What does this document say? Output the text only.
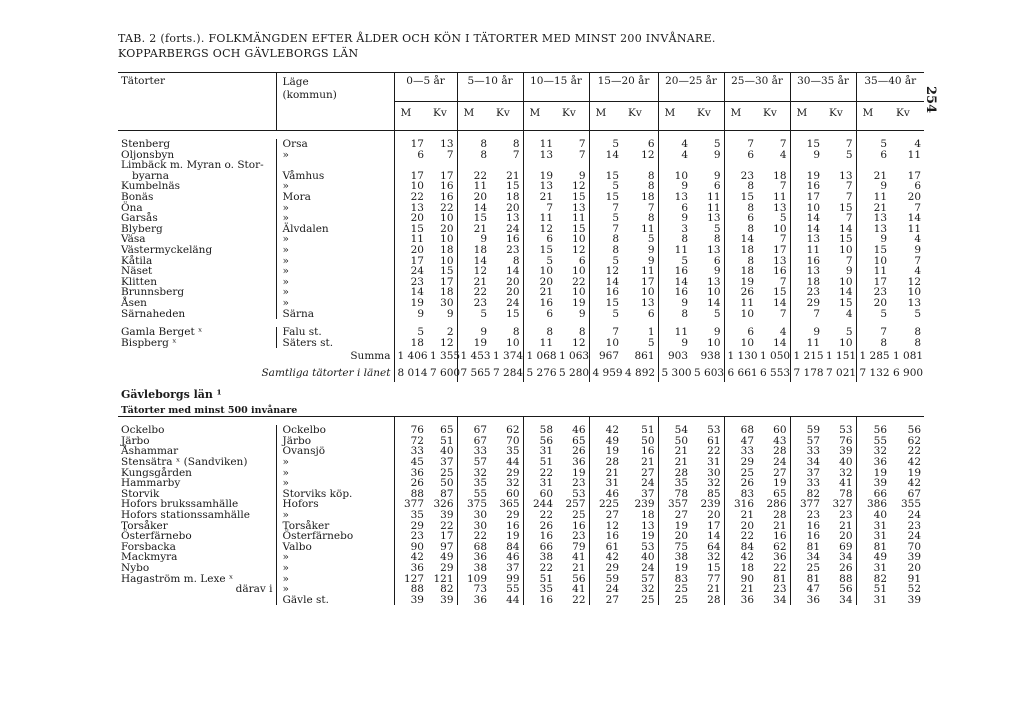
TAB. 2 (forts.). FOLKMÄNGDEN EFTER ÅLDER OCH KÖN I TÄTORTER MED MINST 200 INVÅNARE.
KOPPARBERGS OCH GÄVLEBORGS LÄN
254
Tätorter	Läge
(kommun)	0—5 år		5—10 år		10—15 år		15—20 år		20—25 år		25—30 år		30—35 år		35—40 år	
		M	Kv	M	Kv	M	Kv	M	Kv	M	Kv	M	Kv	M	Kv	M	Kv

Stenberg	Orsa	17	13	8	8	11	7	5	6	4	5	7	7	15	7	5	4
Oljonsbyn	»	6	7	8	7	13	7	14	12	4	9	6	4	9	5	6	11
Limbäck m. Myran o. Stor-																	
byarna	Våmhus	17	17	22	21	19	9	15	8	10	9	23	18	19	13	21	17
Kumbelnäs	»	10	16	11	15	13	12	5	8	9	6	8	7	16	7	9	6
Bonäs	Mora	22	16	20	18	21	15	15	18	13	11	15	11	17	7	11	20
Öna	»	13	22	14	20	7	13	7	7	6	11	8	13	10	15	21	7
Garsås	»	20	10	15	13	11	11	5	8	9	13	6	5	14	7	13	14
Blyberg	Älvdalen	15	20	21	24	12	15	7	11	3	5	8	10	14	14	13	11
Väsa	»	11	10	9	16	6	10	8	5	8	8	14	7	13	15	9	4
Västermyckeläng	»	20	18	18	23	15	12	8	9	11	13	18	17	11	10	15	9
Kåtila	»	17	10	14	8	5	6	5	9	5	6	8	13	16	7	10	7
Näset	»	24	15	12	14	10	10	12	11	16	9	18	16	13	9	11	4
Klitten	»	23	17	21	20	20	22	14	17	14	13	19	7	18	10	17	12
Brunnsberg	»	14	18	22	20	21	10	16	10	16	10	26	15	23	14	23	10
Åsen	»	19	30	23	24	16	19	15	13	9	14	11	14	29	15	20	13
Särnaheden	Särna	9	9	5	15	6	9	5	6	8	5	10	7	7	4	5	5

Gamla Berget ˣ	Falu st.	5	2	9	8	8	8	7	1	11	9	6	4	9	5	7	8
Bispberg ˣ	Säters st.	18	12	19	10	11	12	10	5	9	10	10	14	11	10	8	8
Summa		1 406	1 355	1 453	1 374	1 068	1 063	967	861	903	938	1 130	1 050	1 215	1 151	1 285	1 081
Samtliga tätorter i länet		8 014	7 600	7 565	7 284	5 276	5 280	4 959	4 892	5 300	5 603	6 661	6 553	7 178	7 021	7 132	6 900
Gävleborgs län ¹																	
Tätorter med minst 500 invånare																	

Ockelbo	Ockelbo	76	65	67	62	58	46	42	51	54	53	68	60	59	53	56	56
Järbo	Järbo	72	51	67	70	56	65	49	50	50	61	47	43	57	76	55	62
Åshammar	Ovansjö	33	40	33	35	31	26	19	16	21	22	33	28	33	39	32	22
Stensätra ˣ (Sandviken)	»	45	37	57	44	51	36	28	21	21	31	29	24	34	40	36	42
Kungsgården	»	36	25	32	29	22	19	21	27	28	30	25	27	37	32	19	19
Hammarby	»	26	50	35	32	31	23	31	24	35	32	26	19	33	41	39	42
Storvik	Storviks köp.	88	87	55	60	60	53	46	37	78	85	83	65	82	78	66	67
Hofors brukssamhälle	Hofors	377	326	375	365	244	257	225	239	357	239	316	286	377	327	386	355
Hofors stationssamhälle	»	35	39	30	29	22	25	27	18	27	20	21	28	23	23	40	24
Torsåker	Torsåker	29	22	30	16	26	16	12	13	19	17	20	21	16	21	31	23
Österfärnebo	Österfärnebo	23	17	22	19	16	23	16	19	20	14	22	16	16	20	31	24
Forsbacka	Valbo	90	97	68	84	66	79	61	53	75	64	84	62	81	69	81	70
Mackmyra	»	42	49	36	46	38	41	42	40	38	32	42	36	34	34	49	39
Nybo	»	36	29	38	37	22	21	29	24	19	15	18	22	25	26	31	20
Hagaström m. Lexe ˣ	»	127	121	109	99	51	56	59	57	83	77	90	81	81	88	82	91
därav i	»	88	82	73	55	35	41	24	32	25	21	21	23	47	56	51	52
	Gävle st.	39	39	36	44	16	22	27	25	25	28	36	34	36	34	31	39
